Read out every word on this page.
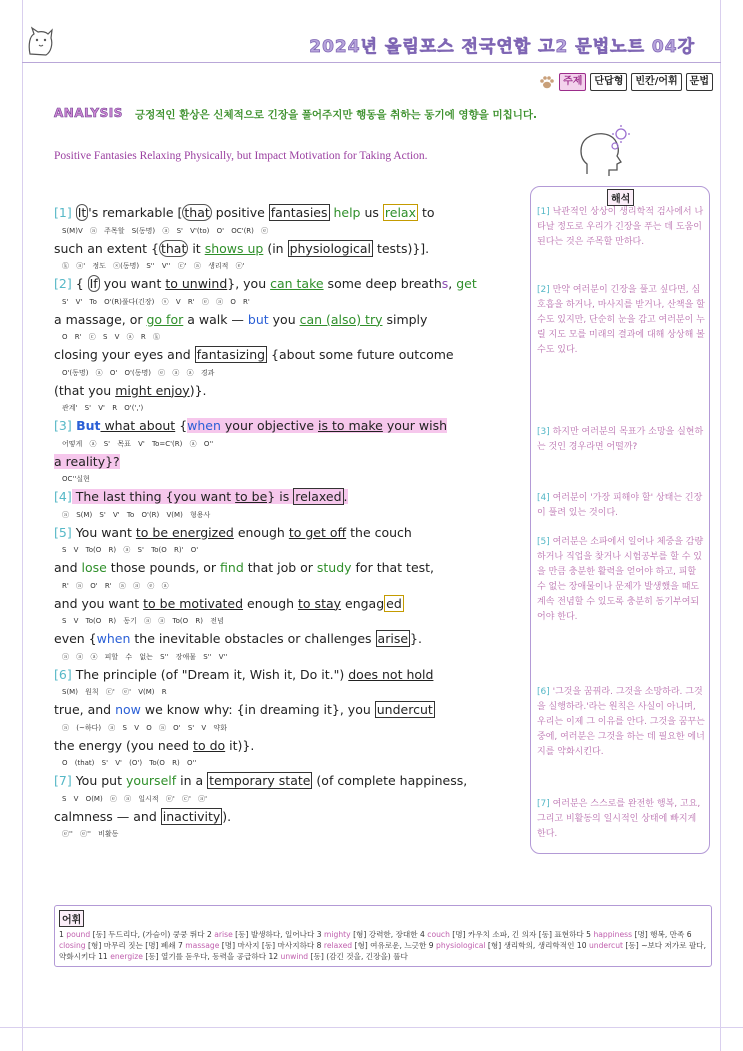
2024년 올림포스 전국연합 고2 문법노트 04강
주제	단답형	빈칸/어휘	문법
ANALYSIS 긍정적인 환상은 신체적으로 긴장을 풀어주지만 행동을 취하는 동기에 영향을 미칩니다.
Positive Fantasies Relaxing Physically, but Impact Motivation for Taking Action.
[1] It 's remarkable [ that positive fantasies help us relax to
S(M)V ⓐ 주목할 S(동명) ⓐ S' V'(to) O' OC'(R) ⓔ
such an extent { that it shows up (in physiological tests)}].
ⓚ ⓐ' 정도 ⓢ(동명) S'' V'' ⓒ' ⓐ 생리적 ⓔ'
[2] { If you want to unwind}, you can take some deep breaths, get
S' V' To O'(R)풀다(긴장) ⓢ V R' ⓔ ⓐ O R'
a massage, or go for a walk — but you can (also) try simply
O R' ⓒ S V ⓐ R ⓚ
closing your eyes and fantasizing {about some future outcome
O'(동명) ⓐ O' O'(동명) ⓔ ⓐ ⓐ 경과
(that you might enjoy)}.
관계' S' V' R O'(',')
[3] But what about {when your objective is to make your wish
어떻게 ⓐ S' 목표 V' To=C'(R) ⓐ O''
a reality}?
OC''실현
[4] The last thing {you want to be} is relaxed .
ⓐ S(M) S' V' To O'(R) V(M) 형용사
[5] You want to be energized enough to get off the couch
S V To(O R) ⓐ S' To(O R)' O'
and lose those pounds, or find that job or study for that test,
R' ⓐ O' R' ⓐ ⓐ ⓔ ⓐ
and you want to be motivated enough to stay engag ed
S V To(O R) 동기 ⓐ ⓐ To(O R) 전념
even {when the inevitable obstacles or challenges arise }.
ⓐ ⓐ ⓐ 피할 수 없는 S'' 장애물 S'' V''
[6] The principle (of "Dream it, Wish it, Do it.") does not hold
S(M) 원칙 ⓒ' ⓔ' V(M) R
true, and now we know why: {in dreaming it}, you undercut
ⓐ (~하다) ⓐ S V O ⓐ O' S' V 약화
the energy (you need to do it)}.
O (that) S' V' (O') To(O R) O''
[7] You put yourself in a temporary state (of complete happiness,
S V O(M) ⓔ ⓐ 일시적 ⓔ' ⓒ' ⓐ'
calmness — and inactivity ).
ⓔ'' ⓔ'' 비활동
해석
[1] 낙관적인 상상이 생리학적 검사에서 나타날 정도로 우리가 긴장을 푸는 데 도움이 된다는 것은 주목할 만하다.
[2] 만약 여러분이 긴장을 풀고 싶다면, 심호흡을 하거나, 마사지를 받거나, 산책을 할 수도 있지만, 단순히 눈을 감고 여러분이 누릴 지도 모를 미래의 결과에 대해 상상해 볼 수도 있다.
[3] 하지만 여러분의 목표가 소망을 실현하는 것인 경우라면 어떨까?
[4] 여러분이 '가장 피해야 할' 상태는 긴장이 풀려 있는 것이다.
[5] 여러분은 소파에서 일어나 체중을 감량하거나 직업을 찾거나 시험공부를 할 수 있을 만큼 충분한 활력을 얻어야 하고, 피할 수 없는 장애물이나 문제가 발생했을 때도 계속 전념할 수 있도록 충분히 동기부여되어야 한다.
[6] '그것을 꿈꿔라. 그것을 소망하라. 그것을 실행하라.'라는 원칙은 사실이 아니며, 우리는 이제 그 이유를 안다. 그것을 꿈꾸는 중에, 여러분은 그것을 하는 데 필요한 에너지를 약화시킨다.
[7] 여러분은 스스로를 완전한 행복, 고요, 그리고 비활동의 일시적인 상태에 빠지게 한다.
어휘
1 pound [동] 두드리다, (가슴이) 쿵쿵 뛰다 2 arise [동] 발생하다, 일어나다 3 mighty [형] 강력한, 장대한 4 couch [명] 카우치 소파, 긴 의자 [동] 표현하다 5 happiness [명] 행복, 만족 6 closing [형] 마무리 짓는 [명] 폐쇄 7 massage [명] 마사지 [동] 마사지하다 8 relaxed [형] 여유로운, 느긋한 9 physiological [형] 생리학의, 생리학적인 10 undercut [동] ~보다 저가로 팔다, 약화시키다 11 energize [동] 열기를 돋우다, 동력을 공급하다 12 unwind [동] (감긴 것을, 긴장을) 풀다
